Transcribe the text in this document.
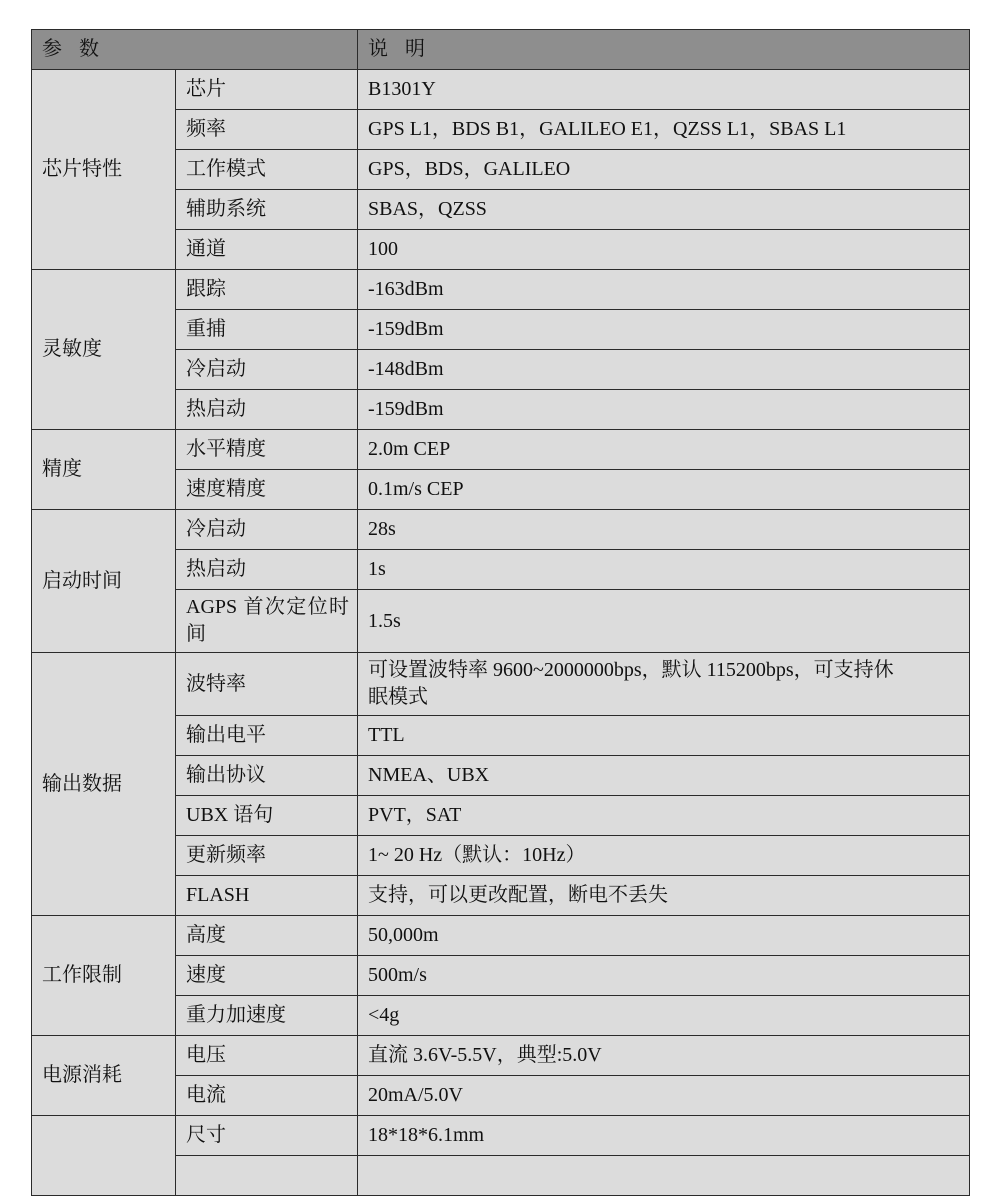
参 数		说 明
芯片特性	芯片	B1301Y
	频率	GPS L1，BDS B1，GALILEO E1，QZSS L1，SBAS L1
	工作模式	GPS，BDS，GALILEO
	辅助系统	SBAS，QZSS
	通道	100
灵敏度	跟踪	-163dBm
	重捕	-159dBm
	冷启动	-148dBm
	热启动	-159dBm
精度	水平精度	2.0m CEP
	速度精度	0.1m/s CEP
启动时间	冷启动	28s
	热启动	1s
	AGPS 首次定位时间	1.5s
输出数据	波特率	可设置波特率 9600~2000000bps，默认 115200bps，可支持休眠模式
	输出电平	TTL
	输出协议	NMEA、UBX
	UBX 语句	PVT，SAT
	更新频率	1~ 20 Hz（默认：10Hz）
	FLASH	支持，可以更改配置，断电不丢失
工作限制	高度	50,000m
	速度	500m/s
	重力加速度	<4g
电源消耗	电压	直流 3.6V-5.5V，典型:5.0V
	电流	20mA/5.0V
	尺寸	18*18*6.1mm
